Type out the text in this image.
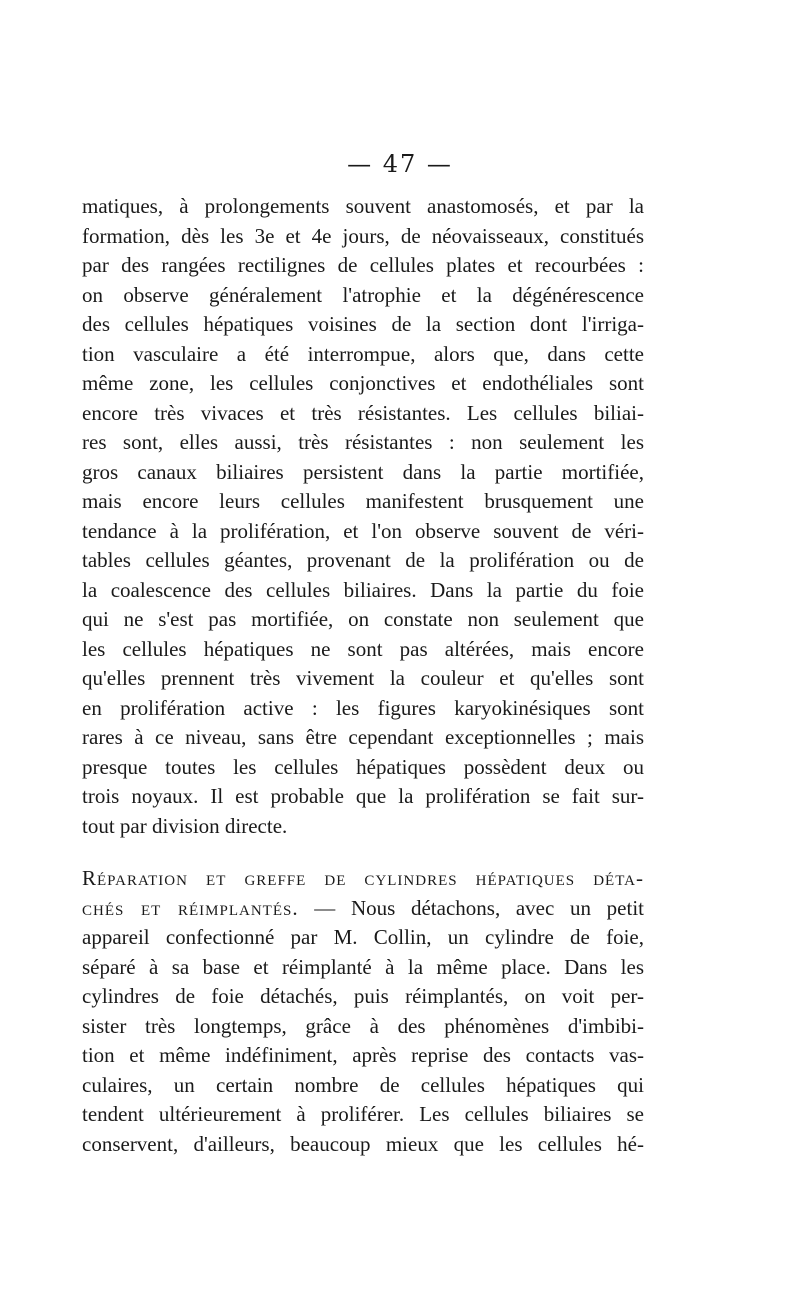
— 47 —
matiques, à prolongements souvent anastomosés, et par la
formation, dès les 3e et 4e jours, de néovaisseaux, constitués
par des rangées rectilignes de cellules plates et recourbées :
on observe généralement l'atrophie et la dégénérescence
des cellules hépatiques voisines de la section dont l'irriga-
tion vasculaire a été interrompue, alors que, dans cette
même zone, les cellules conjonctives et endothéliales sont
encore très vivaces et très résistantes. Les cellules biliai-
res sont, elles aussi, très résistantes : non seulement les
gros canaux biliaires persistent dans la partie mortifiée,
mais encore leurs cellules manifestent brusquement une
tendance à la prolifération, et l'on observe souvent de véri-
tables cellules géantes, provenant de la prolifération ou de
la coalescence des cellules biliaires. Dans la partie du foie
qui ne s'est pas mortifiée, on constate non seulement que
les cellules hépatiques ne sont pas altérées, mais encore
qu'elles prennent très vivement la couleur et qu'elles sont
en prolifération active : les figures karyokinésiques sont
rares à ce niveau, sans être cependant exceptionnelles ; mais
presque toutes les cellules hépatiques possèdent deux ou
trois noyaux. Il est probable que la prolifération se fait sur-
tout par division directe.
Réparation et greffe de cylindres hépatiques déta-
chés et réimplantés. — Nous détachons, avec un petit
appareil confectionné par M. Collin, un cylindre de foie,
séparé à sa base et réimplanté à la même place. Dans les
cylindres de foie détachés, puis réimplantés, on voit per-
sister très longtemps, grâce à des phénomènes d'imbibi-
tion et même indéfiniment, après reprise des contacts vas-
culaires, un certain nombre de cellules hépatiques qui
tendent ultérieurement à proliférer. Les cellules biliaires se
conservent, d'ailleurs, beaucoup mieux que les cellules hé-
